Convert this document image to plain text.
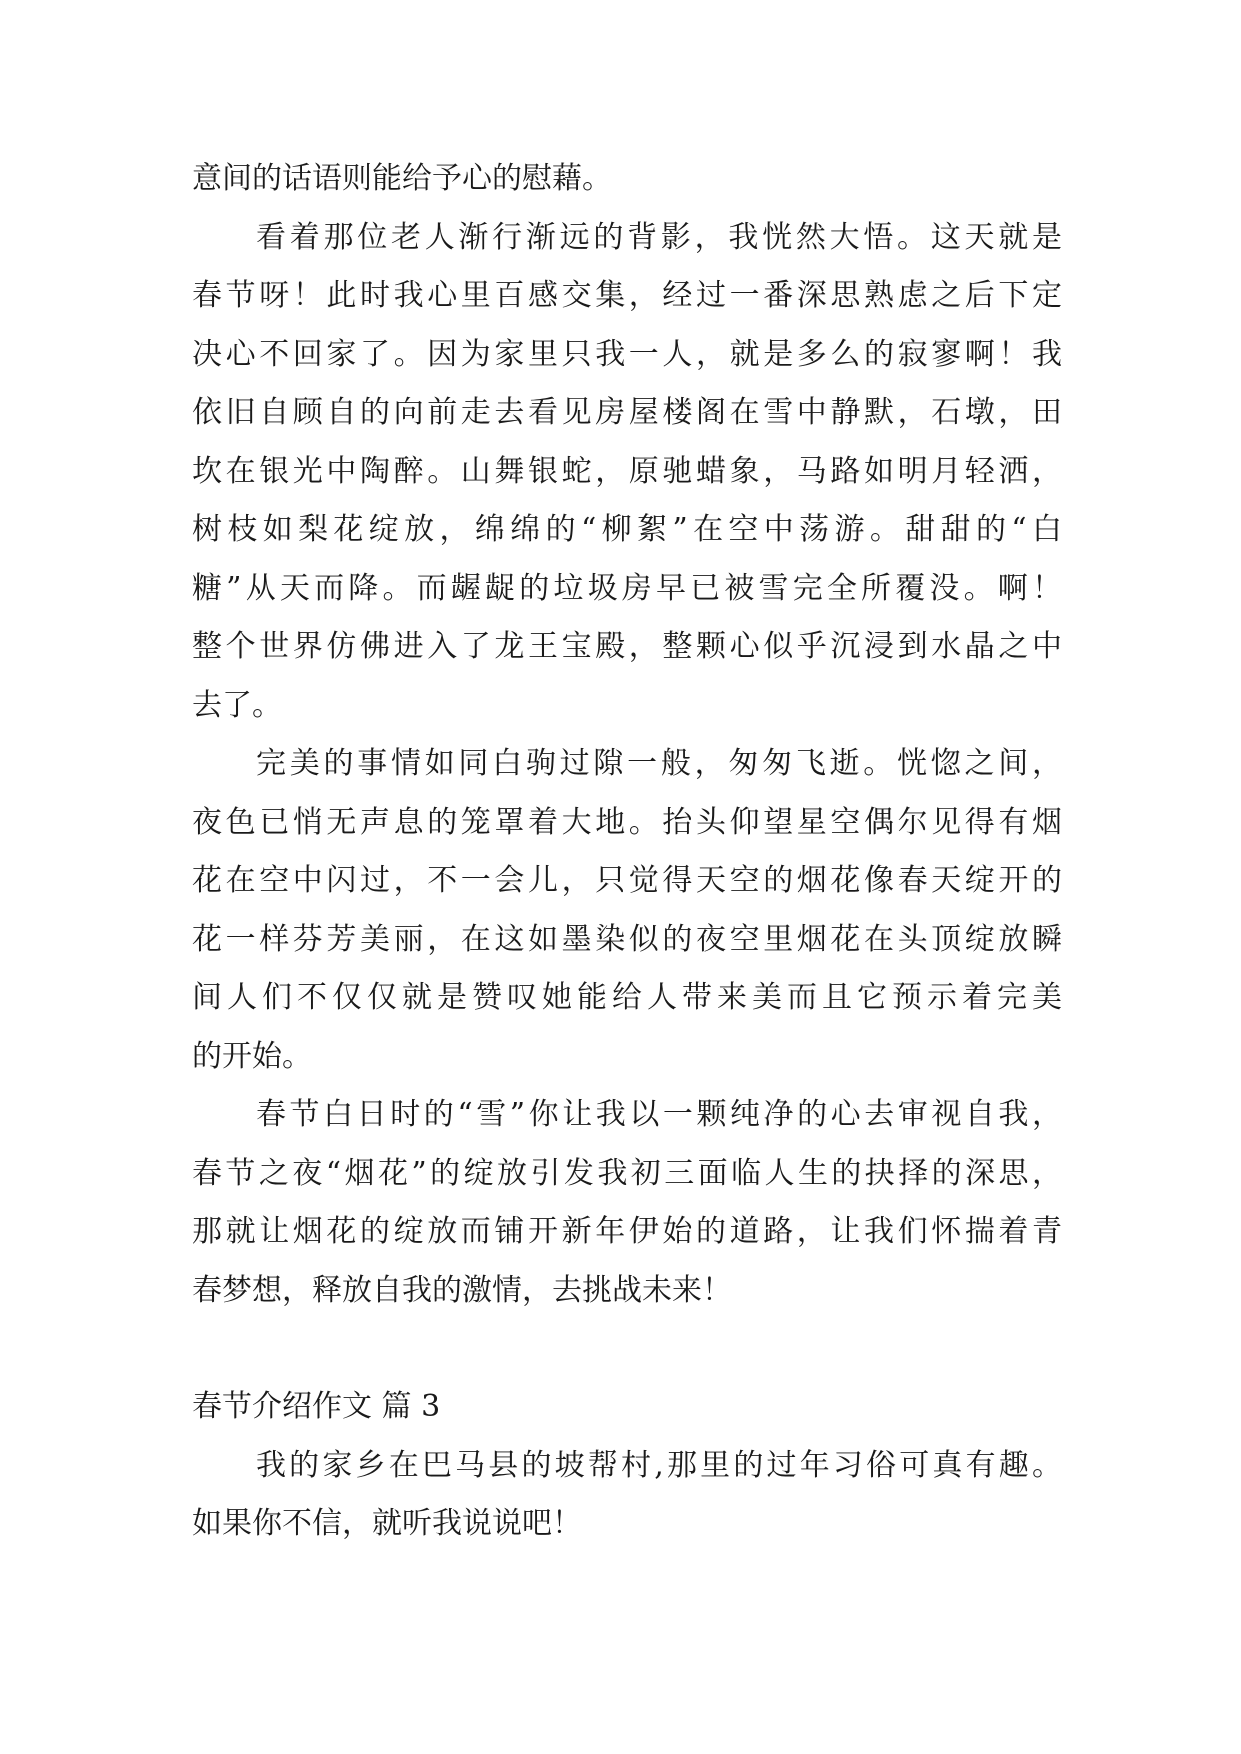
意间的话语则能给予心的慰藉。
看着那位老人渐行渐远的背影，我恍然大悟。这天就是
春节呀！此时我心里百感交集，经过一番深思熟虑之后下定
决心不回家了。因为家里只我一人，就是多么的寂寥啊！我
依旧自顾自的向前走去看见房屋楼阁在雪中静默，石墩，田
坎在银光中陶醉。山舞银蛇，原驰蜡象，马路如明月轻洒，
树枝如梨花绽放，绵绵的“柳絮”在空中荡游。甜甜的“白
糖”从天而降。而龌龊的垃圾房早已被雪完全所覆没。啊！
整个世界仿佛进入了龙王宝殿，整颗心似乎沉浸到水晶之中
去了。
完美的事情如同白驹过隙一般，匆匆飞逝。恍惚之间，
夜色已悄无声息的笼罩着大地。抬头仰望星空偶尔见得有烟
花在空中闪过，不一会儿，只觉得天空的烟花像春天绽开的
花一样芬芳美丽，在这如墨染似的夜空里烟花在头顶绽放瞬
间人们不仅仅就是赞叹她能给人带来美而且它预示着完美
的开始。
春节白日时的“雪”你让我以一颗纯净的心去审视自我，
春节之夜“烟花”的绽放引发我初三面临人生的抉择的深思，
那就让烟花的绽放而铺开新年伊始的道路，让我们怀揣着青
春梦想，释放自我的激情，去挑战未来！
春节介绍作文 篇 3
我的家乡在巴马县的坡帮村,那里的过年习俗可真有趣。
如果你不信，就听我说说吧！
